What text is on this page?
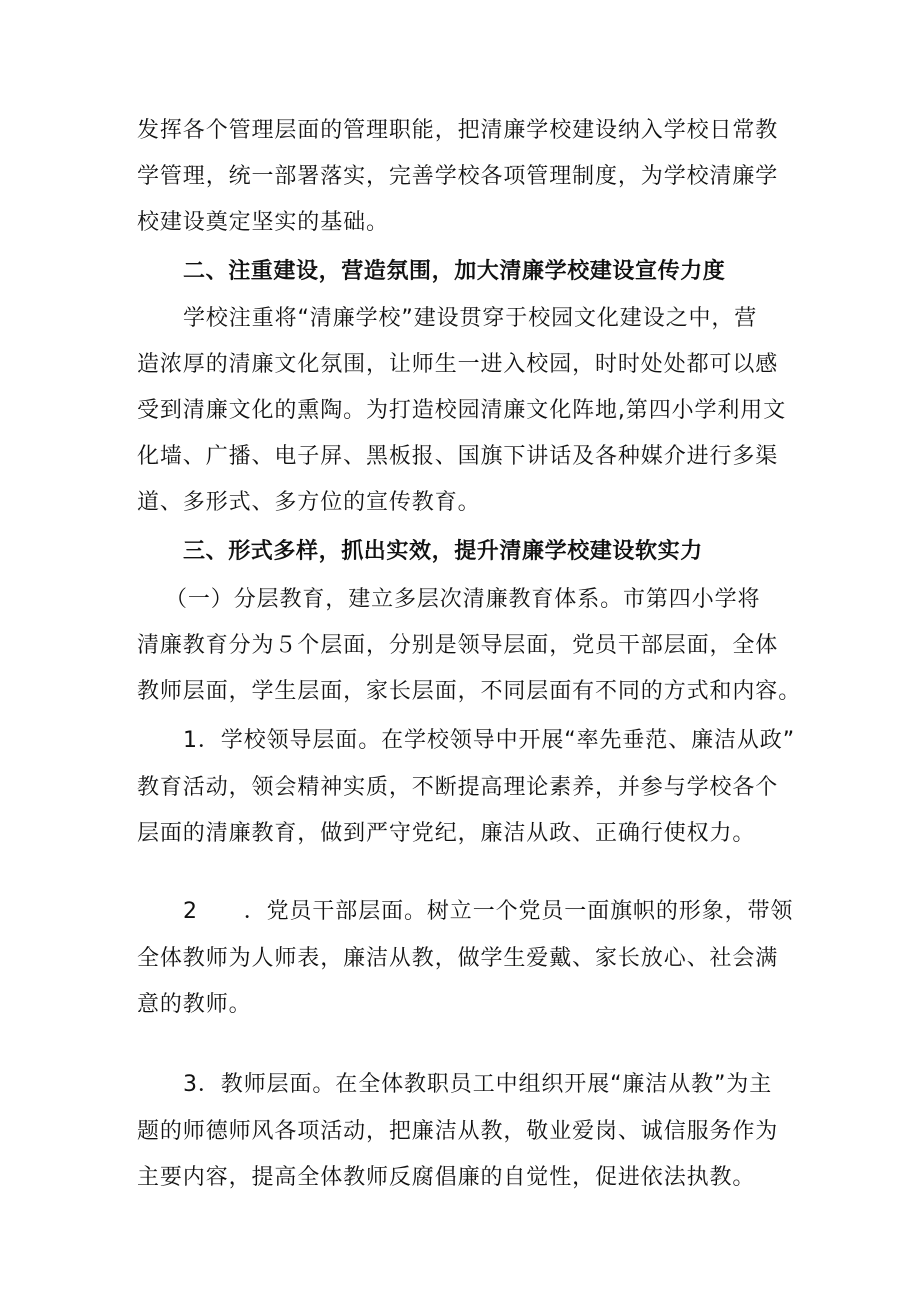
发挥各个管理层面的管理职能，把清廉学校建设纳入学校日常教

学管理，统一部署落实，完善学校各项管理制度，为学校清廉学

校建设奠定坚实的基础。

二、注重建设，营造氛围，加大清廉学校建设宣传力度

学校注重将“清廉学校”建设贯穿于校园文化建设之中，营

造浓厚的清廉文化氛围，让师生一进入校园，时时处处都可以感

受到清廉文化的熏陶。为打造校园清廉文化阵地,第四小学利用文

化墙、广播、电子屏、黑板报、国旗下讲话及各种媒介进行多渠

道、多形式、多方位的宣传教育。

三、形式多样，抓出实效，提升清廉学校建设软实力

（一）分层教育，建立多层次清廉教育体系。市第四小学将

清廉教育分为５个层面，分别是领导层面，党员干部层面，全体

教师层面，学生层面，家长层面，不同层面有不同的方式和内容。

1．学校领导层面。在学校领导中开展“率先垂范、廉洁从政”

教育活动，领会精神实质，不断提高理论素养，并参与学校各个

层面的清廉教育，做到严守党纪，廉洁从政、正确行使权力。

2　　．党员干部层面。树立一个党员一面旗帜的形象，带领

全体教师为人师表，廉洁从教，做学生爱戴、家长放心、社会满

意的教师。

3．教师层面。在全体教职员工中组织开展“廉洁从教”为主

题的师德师风各项活动，把廉洁从教，敬业爱岗、诚信服务作为

主要内容，提高全体教师反腐倡廉的自觉性，促进依法执教。
